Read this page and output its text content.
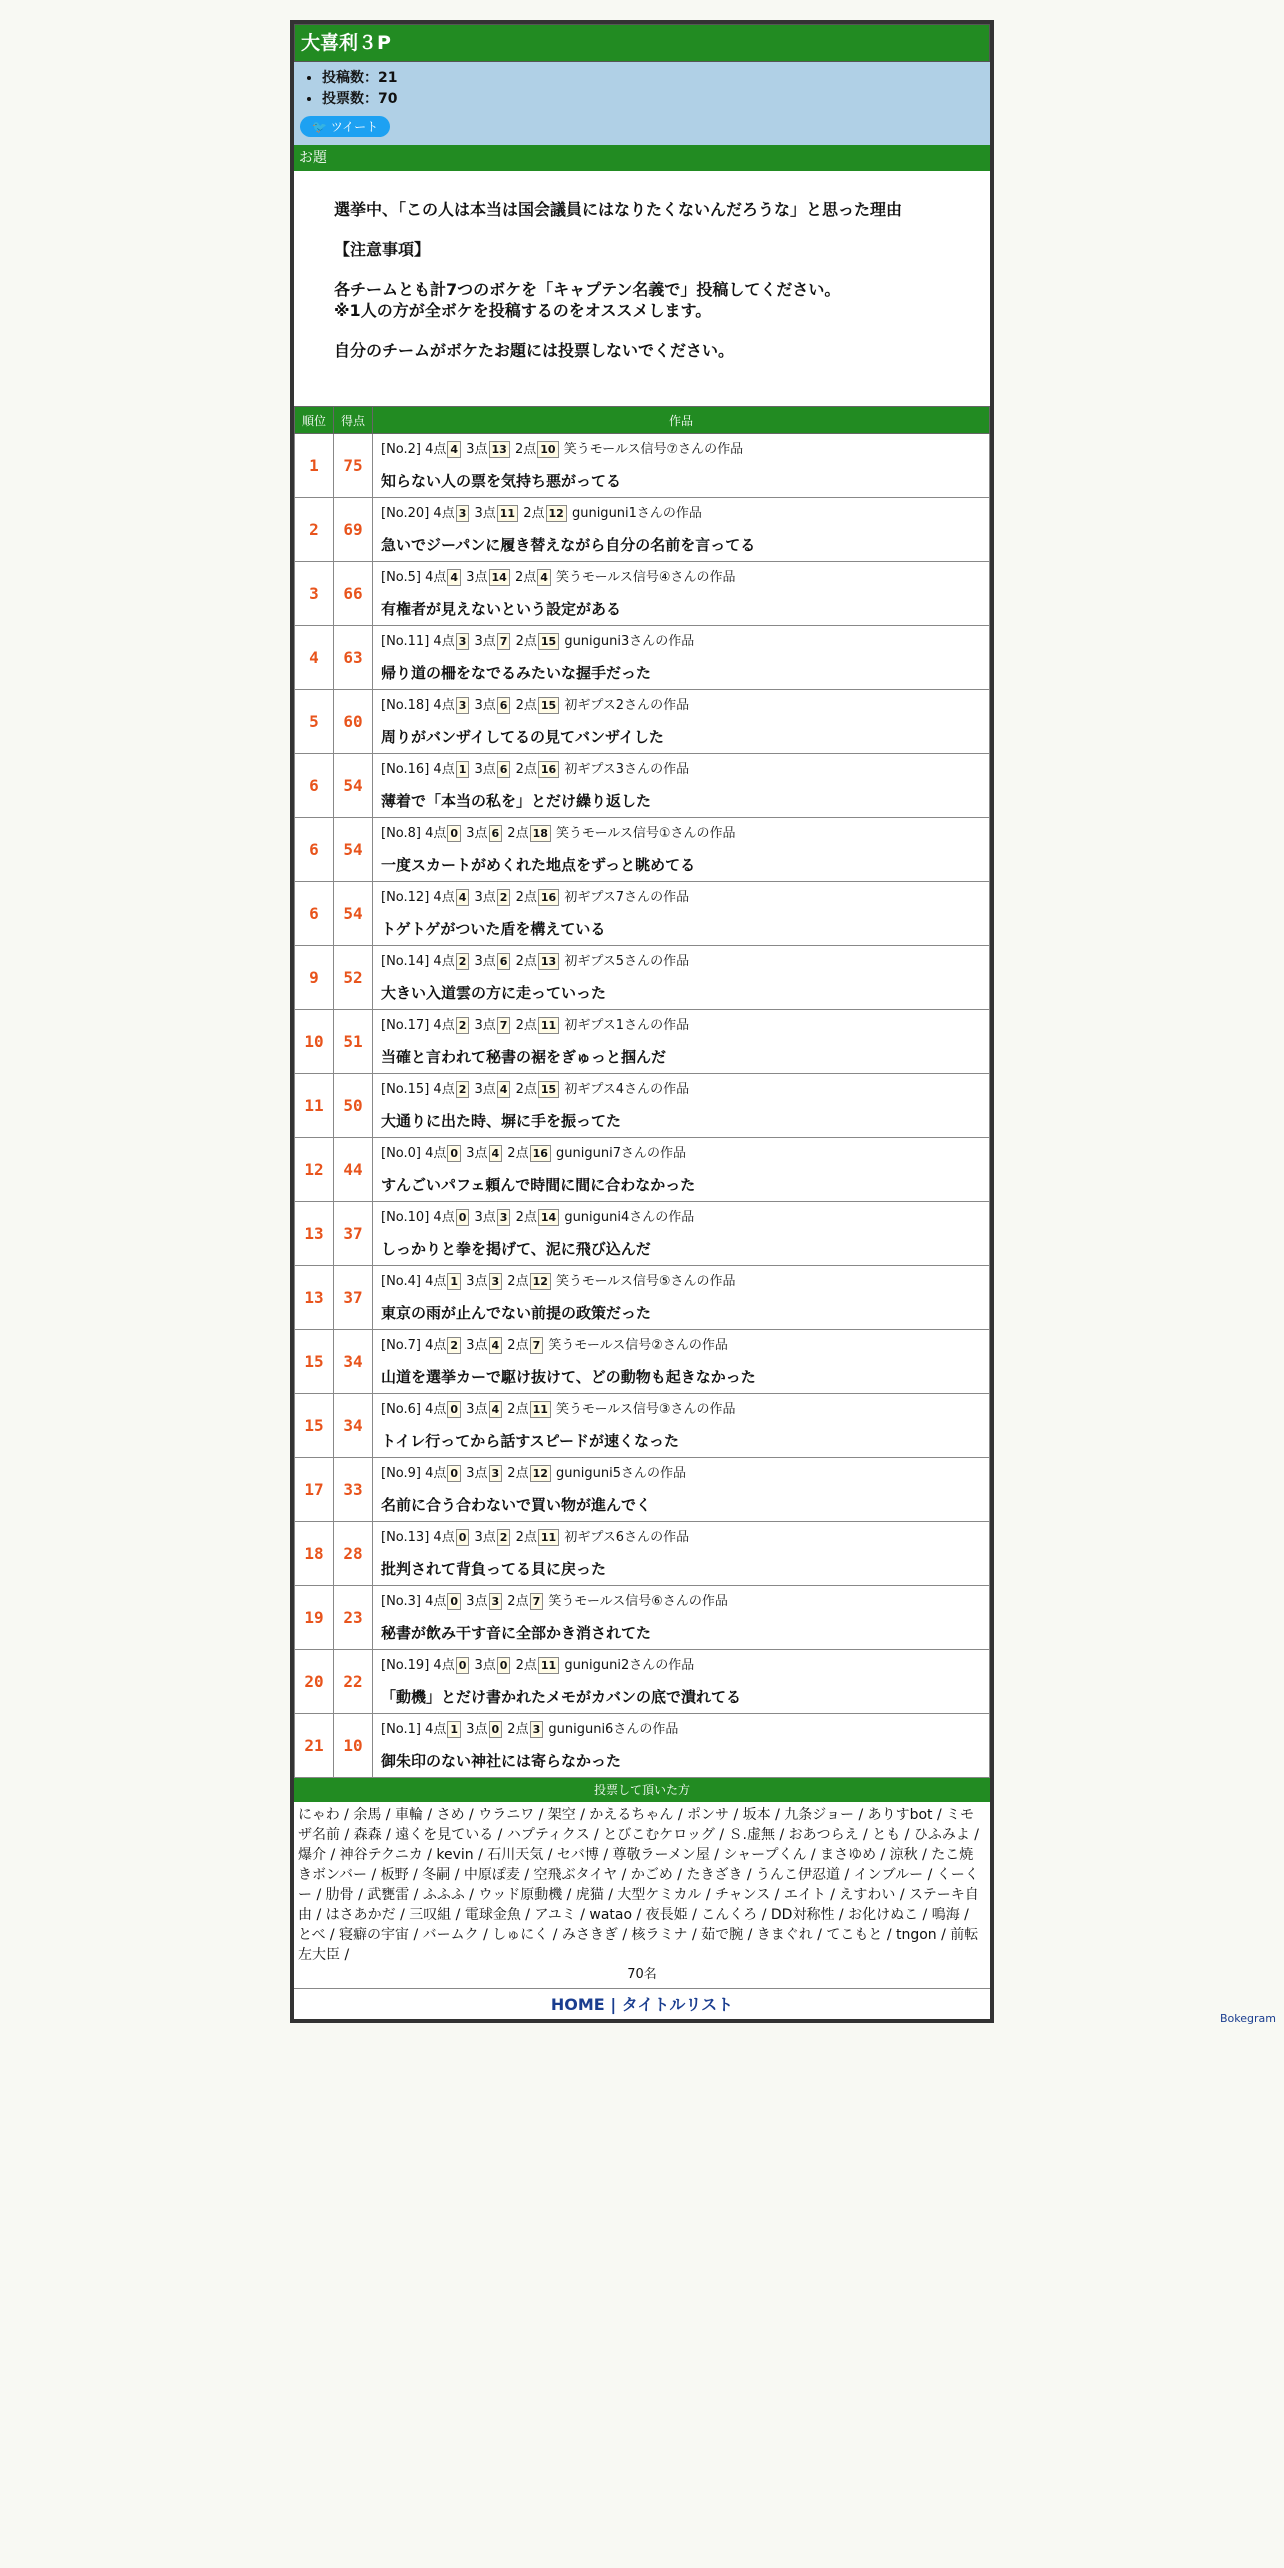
大喜利３P
• 投稿数：21
• 投票数：70
🐦 ツイート
お題

選挙中、「この人は本当は国会議員にはなりたくないんだろうな」と思った理由

【注意事項】

各チームとも計7つのボケを「キャプテン名義で」投稿してください。
※1人の方が全ボケを投稿するのをオススメします。

自分のチームがボケたお題には投票しないでください。

順位	得点	作品
1	75	[No.2] 4点 4 3点 13 2点 10 笑うモールス信号⑦さんの作品
知らない人の票を気持ち悪がってる

2	69	[No.20] 4点 3 3点 11 2点 12 guniguni1さんの作品
急いでジーパンに履き替えながら自分の名前を言ってる

3	66	[No.5] 4点 4 3点 14 2点 4 笑うモールス信号④さんの作品
有権者が見えないという設定がある

4	63	[No.11] 4点 3 3点 7 2点 15 guniguni3さんの作品
帰り道の柵をなでるみたいな握手だった

5	60	[No.18] 4点 3 3点 6 2点 15 初ギプス2さんの作品
周りがバンザイしてるの見てバンザイした

6	54	[No.16] 4点 1 3点 6 2点 16 初ギプス3さんの作品
薄着で「本当の私を」とだけ繰り返した

6	54	[No.8] 4点 0 3点 6 2点 18 笑うモールス信号①さんの作品
一度スカートがめくれた地点をずっと眺めてる

6	54	[No.12] 4点 4 3点 2 2点 16 初ギプス7さんの作品
トゲトゲがついた盾を構えている

9	52	[No.14] 4点 2 3点 6 2点 13 初ギプス5さんの作品
大きい入道雲の方に走っていった

10	51	[No.17] 4点 2 3点 7 2点 11 初ギプス1さんの作品
当確と言われて秘書の裾をぎゅっと掴んだ

11	50	[No.15] 4点 2 3点 4 2点 15 初ギプス4さんの作品
大通りに出た時、塀に手を振ってた

12	44	[No.0] 4点 0 3点 4 2点 16 guniguni7さんの作品
すんごいパフェ頼んで時間に間に合わなかった

13	37	[No.10] 4点 0 3点 3 2点 14 guniguni4さんの作品
しっかりと拳を掲げて、泥に飛び込んだ

13	37	[No.4] 4点 1 3点 3 2点 12 笑うモールス信号⑤さんの作品
東京の雨が止んでない前提の政策だった

15	34	[No.7] 4点 2 3点 4 2点 7 笑うモールス信号②さんの作品
山道を選挙カーで駆け抜けて、どの動物も起きなかった

15	34	[No.6] 4点 0 3点 4 2点 11 笑うモールス信号③さんの作品
トイレ行ってから話すスピードが速くなった

17	33	[No.9] 4点 0 3点 3 2点 12 guniguni5さんの作品
名前に合う合わないで買い物が進んでく

18	28	[No.13] 4点 0 3点 2 2点 11 初ギプス6さんの作品
批判されて背負ってる貝に戻った

19	23	[No.3] 4点 0 3点 3 2点 7 笑うモールス信号⑥さんの作品
秘書が飲み干す音に全部かき消されてた

20	22	[No.19] 4点 0 3点 0 2点 11 guniguni2さんの作品
「動機」とだけ書かれたメモがカバンの底で潰れてる

21	10	[No.1] 4点 1 3点 0 2点 3 guniguni6さんの作品
御朱印のない神社には寄らなかった
投票して頂いた方
にゃわ / 余馬 / 車輪 / さめ / ウラニワ / 架空 / かえるちゃん / ポンサ / 坂本 / 九条ジョー / ありすbot / ミモザ名前 / 森森 / 遠くを見ている / ハプティクス / とびこむケロッグ / Ｓ.虚無 / おあつらえ / とも / ひふみよ / 爆介 / 神谷テクニカ / kevin / 石川天気 / セバ博 / 尊敬ラーメン屋 / シャープくん / まさゆめ / 涼秋 / たこ焼きボンバー / 板野 / 冬嗣 / 中原ぽ麦 / 空飛ぶタイヤ / かごめ / たきざき / うんこ伊忍道 / インブルー / くーくー / 肋骨 / 武甕雷 / ふふふ / ウッド原動機 / 虎猫 / 大型ケミカル / チャンス / エイト / えすわい / ステーキ自由 / はさあかだ / 三叹組 / 電球金魚 / アユミ / watao / 夜長姫 / こんくろ / DD対称性 / お化けぬこ / 鳴海 / とべ / 寝癖の宇宙 / バームク / しゅにく / みさきぎ / 核ラミナ / 茹で腕 / きまぐれ / てこもと / tngon / 前転左大臣 /
70名
HOME | タイトルリスト
Bokegram
